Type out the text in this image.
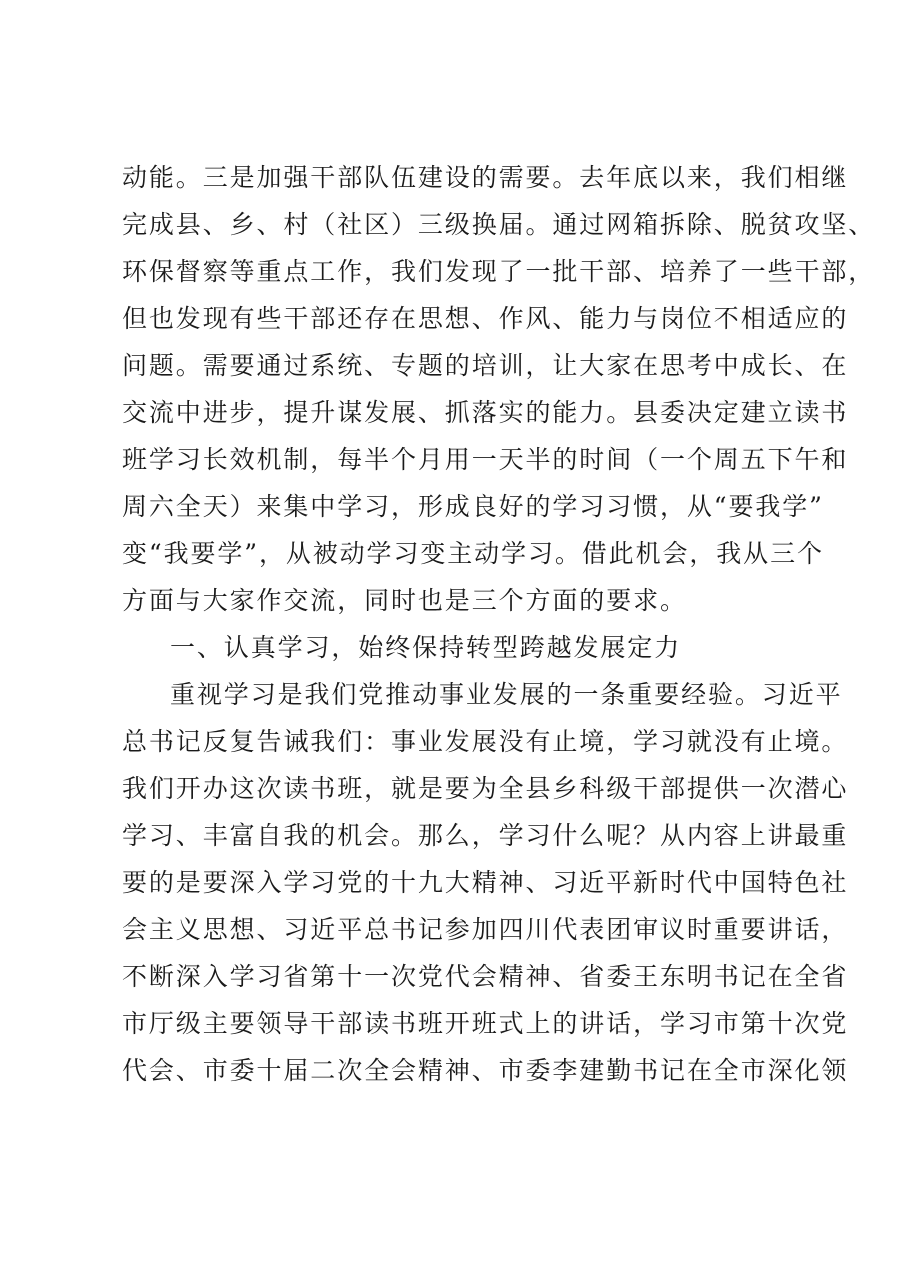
动能。三是加强干部队伍建设的需要。去年底以来，我们相继
完成县、乡、村（社区）三级换届。通过网箱拆除、脱贫攻坚、
环保督察等重点工作，我们发现了一批干部、培养了一些干部，
但也发现有些干部还存在思想、作风、能力与岗位不相适应的
问题。需要通过系统、专题的培训，让大家在思考中成长、在
交流中进步，提升谋发展、抓落实的能力。县委决定建立读书
班学习长效机制，每半个月用一天半的时间（一个周五下午和
周六全天）来集中学习，形成良好的学习习惯，从“要我学”
变“我要学”，从被动学习变主动学习。借此机会，我从三个
方面与大家作交流，同时也是三个方面的要求。
一、认真学习，始终保持转型跨越发展定力
重视学习是我们党推动事业发展的一条重要经验。习近平
总书记反复告诫我们：事业发展没有止境，学习就没有止境。
我们开办这次读书班，就是要为全县乡科级干部提供一次潜心
学习、丰富自我的机会。那么，学习什么呢？从内容上讲最重
要的是要深入学习党的十九大精神、习近平新时代中国特色社
会主义思想、习近平总书记参加四川代表团审议时重要讲话，
不断深入学习省第十一次党代会精神、省委王东明书记在全省
市厅级主要领导干部读书班开班式上的讲话，学习市第十次党
代会、市委十届二次全会精神、市委李建勤书记在全市深化领
